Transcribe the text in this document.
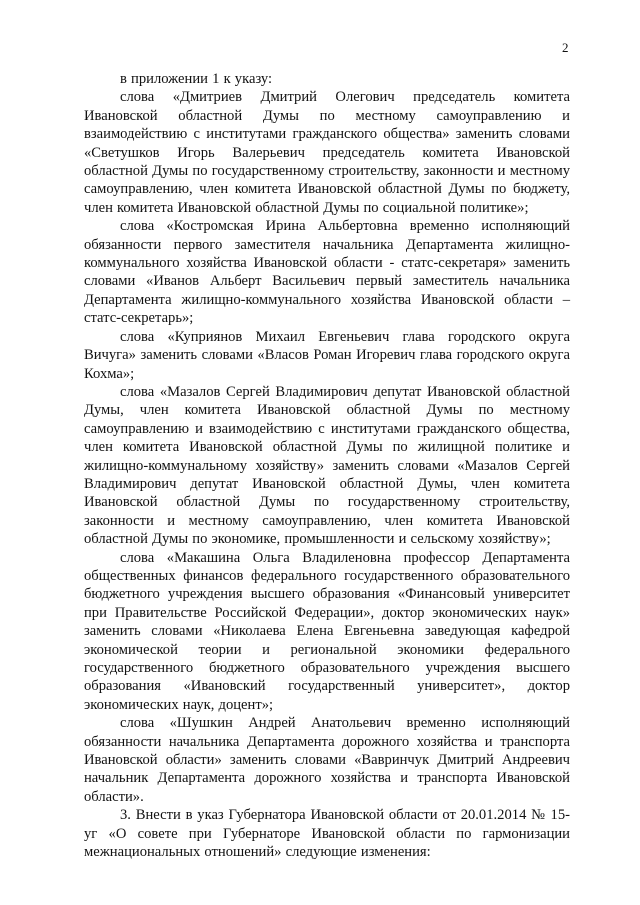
2

в приложении 1 к указу:

слова «Дмитриев Дмитрий Олегович председатель комитета Ивановской областной Думы по местному самоуправлению и взаимодействию с институтами гражданского общества» заменить словами «Светушков Игорь Валерьевич председатель комитета Ивановской областной Думы по государственному строительству, законности и местному самоуправлению, член комитета Ивановской областной Думы по бюджету, член комитета Ивановской областной Думы по социальной политике»;

слова «Костромская Ирина Альбертовна временно исполняющий обязанности первого заместителя начальника Департамента жилищно-коммунального хозяйства Ивановской области - статс-секретаря» заменить словами «Иванов Альберт Васильевич первый заместитель начальника Департамента жилищно-коммунального хозяйства Ивановской области – статс-секретарь»;

слова «Куприянов Михаил Евгеньевич глава городского округа Вичуга» заменить словами «Власов Роман Игоревич глава городского округа Кохма»;

слова «Мазалов Сергей Владимирович депутат Ивановской областной Думы, член комитета Ивановской областной Думы по местному самоуправлению и взаимодействию с институтами гражданского общества, член комитета Ивановской областной Думы по жилищной политике и жилищно-коммунальному хозяйству» заменить словами «Мазалов Сергей Владимирович депутат Ивановской областной Думы, член комитета Ивановской областной Думы по государственному строительству, законности и местному самоуправлению, член комитета Ивановской областной Думы по экономике, промышленности и сельскому хозяйству»;

слова «Макашина Ольга Владиленовна профессор Департамента общественных финансов федерального государственного образовательного бюджетного учреждения высшего образования «Финансовый университет при Правительстве Российской Федерации», доктор экономических наук» заменить словами «Николаева Елена Евгеньевна заведующая кафедрой экономической теории и региональной экономики федерального государственного бюджетного образовательного учреждения высшего образования «Ивановский государственный университет», доктор экономических наук, доцент»;

слова «Шушкин Андрей Анатольевич временно исполняющий обязанности начальника Департамента дорожного хозяйства и транспорта Ивановской области» заменить словами «Вавринчук Дмитрий Андреевич начальник Департамента дорожного хозяйства и транспорта Ивановской области».

3. Внести в указ Губернатора Ивановской области от 20.01.2014 № 15-уг «О совете при Губернаторе Ивановской области по гармонизации межнациональных отношений» следующие изменения:
